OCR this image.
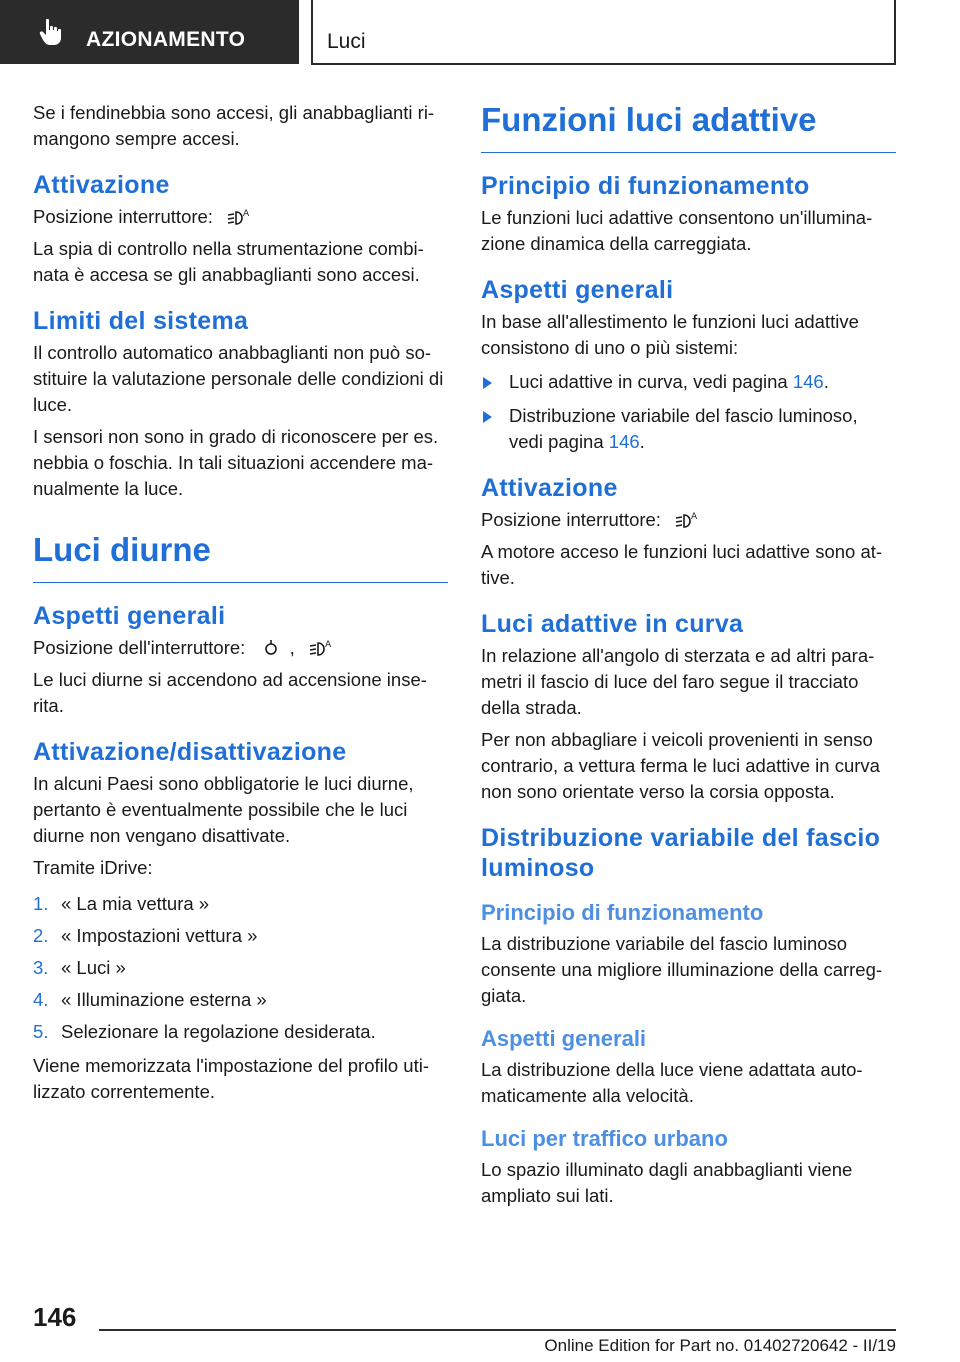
AZIONAMENTO	Luci

Se i fendinebbia sono accesi, gli anabbaglianti ri-mangono sempre accesi.

Attivazione

Posizione interruttore:	A

La spia di controllo nella strumentazione combi-nata è accesa se gli anabbaglianti sono accesi.

Limiti del sistema

Il controllo automatico anabbaglianti non può so-stituire la valutazione personale delle condizioni di luce.

I sensori non sono in grado di riconoscere per es. nebbia o foschia. In tali situazioni accendere ma-nualmente la luce.

Luci diurne
Aspetti generali

Posizione dell'interruttore: ,	A

Le luci diurne si accendono ad accensione inse-rita.

Attivazione/disattivazione

In alcuni Paesi sono obbligatorie le luci diurne, pertanto è eventualmente possibile che le luci diurne non vengano disattivate.

Tramite iDrive:

1. « La mia vettura »
2. « Impostazioni vettura »
3. « Luci »
4. « Illuminazione esterna »
5. Selezionare la regolazione desiderata.

Viene memorizzata l'impostazione del profilo uti-lizzato correntemente.

Funzioni luci adattive
Principio di funzionamento

Le funzioni luci adattive consentono un'illumina-zione dinamica della carreggiata.

Aspetti generali

In base all'allestimento le funzioni luci adattive consistono di uno o più sistemi:

Luci adattive in curva, vedi pagina 146.
Distribuzione variabile del fascio luminoso, vedi pagina 146.
Attivazione

Posizione interruttore:	A

A motore acceso le funzioni luci adattive sono at-tive.

Luci adattive in curva

In relazione all'angolo di sterzata e ad altri para-metri il fascio di luce del faro segue il tracciato della strada.

Per non abbagliare i veicoli provenienti in senso contrario, a vettura ferma le luci adattive in curva non sono orientate verso la corsia opposta.

Distribuzione variabile del fascio luminoso
Principio di funzionamento

La distribuzione variabile del fascio luminoso consente una migliore illuminazione della carreg-giata.

Aspetti generali

La distribuzione della luce viene adattata auto-maticamente alla velocità.

Luci per traffico urbano

Lo spazio illuminato dagli anabbaglianti viene ampliato sui lati.

146
Online Edition for Part no. 01402720642 - II/19
